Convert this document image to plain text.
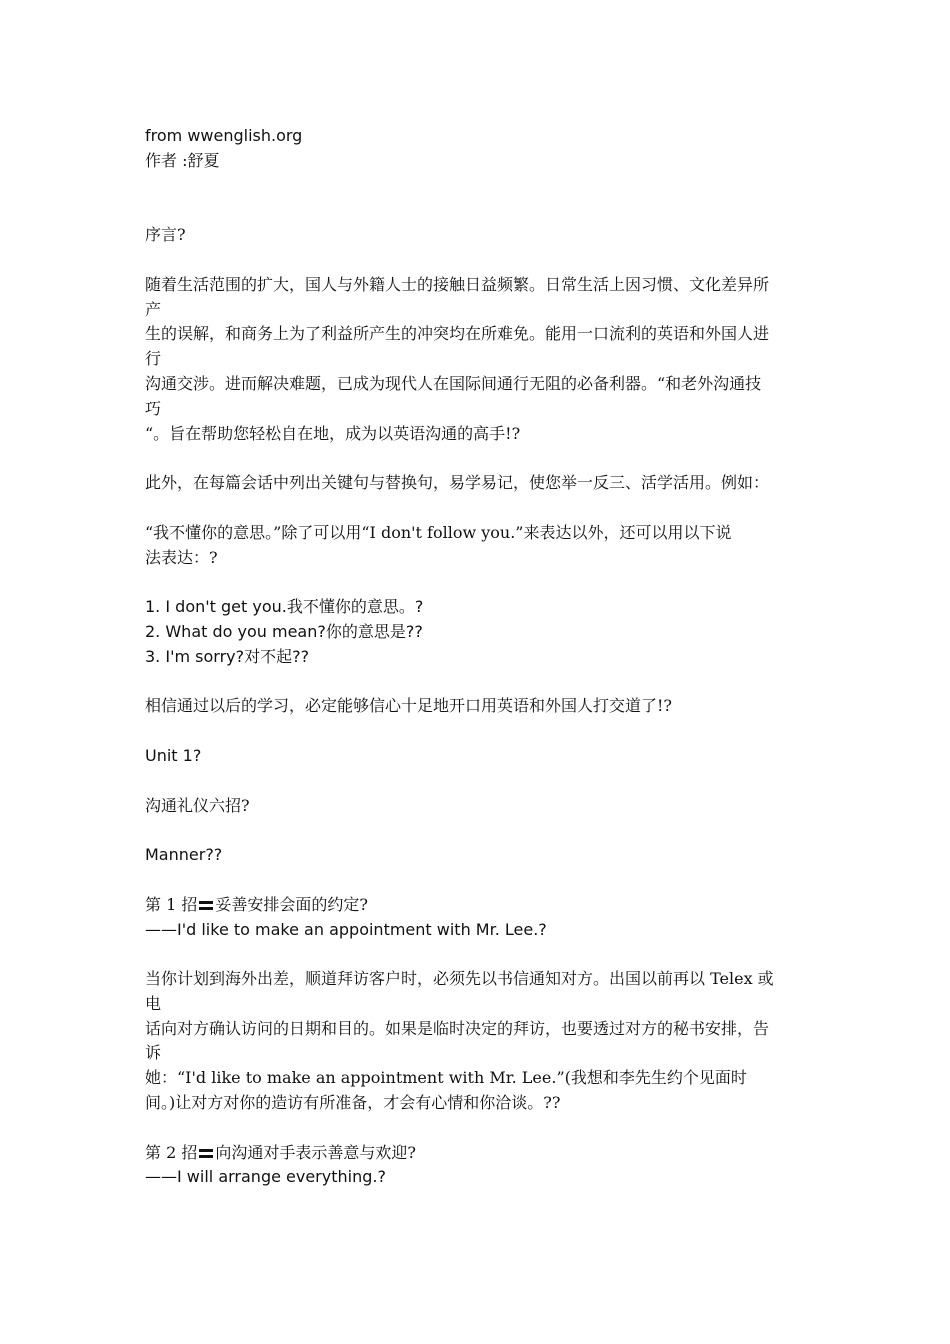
from wwenglish.org
作者 :舒夏
序言?
随着生活范围的扩大，国人与外籍人士的接触日益频繁。日常生活上因习惯、文化差异所
产
生的误解，和商务上为了利益所产生的冲突均在所难免。能用一口流利的英语和外国人进
行
沟通交涉。进而解决难题，已成为现代人在国际间通行无阻的必备利器。“和老外沟通技
巧
“。旨在帮助您轻松自在地，成为以英语沟通的高手!?
此外，在每篇会话中列出关键句与替换句，易学易记，使您举一反三、活学活用。例如：
“我不懂你的意思。”除了可以用“I don't follow you.”来表达以外，还可以用以下说
法表达：?
1. I don't get you.我不懂你的意思。?
2. What do you mean?你的意思是??
3. I'm sorry?对不起??
相信通过以后的学习，必定能够信心十足地开口用英语和外国人打交道了!?
Unit 1?
沟通礼仪六招?
Manner??
第 1 招 妥善安排会面的约定?
——I'd like to make an appointment with Mr. Lee.?
当你计划到海外出差，顺道拜访客户时，必须先以书信通知对方。出国以前再以 Telex 或
电
话向对方确认访问的日期和目的。如果是临时决定的拜访，也要透过对方的秘书安排，告
诉
她：“I'd like to make an appointment with Mr. Lee.”(我想和李先生约个见面时
间。)让对方对你的造访有所准备，才会有心情和你洽谈。??
第 2 招 向沟通对手表示善意与欢迎?
——I will arrange everything.?
